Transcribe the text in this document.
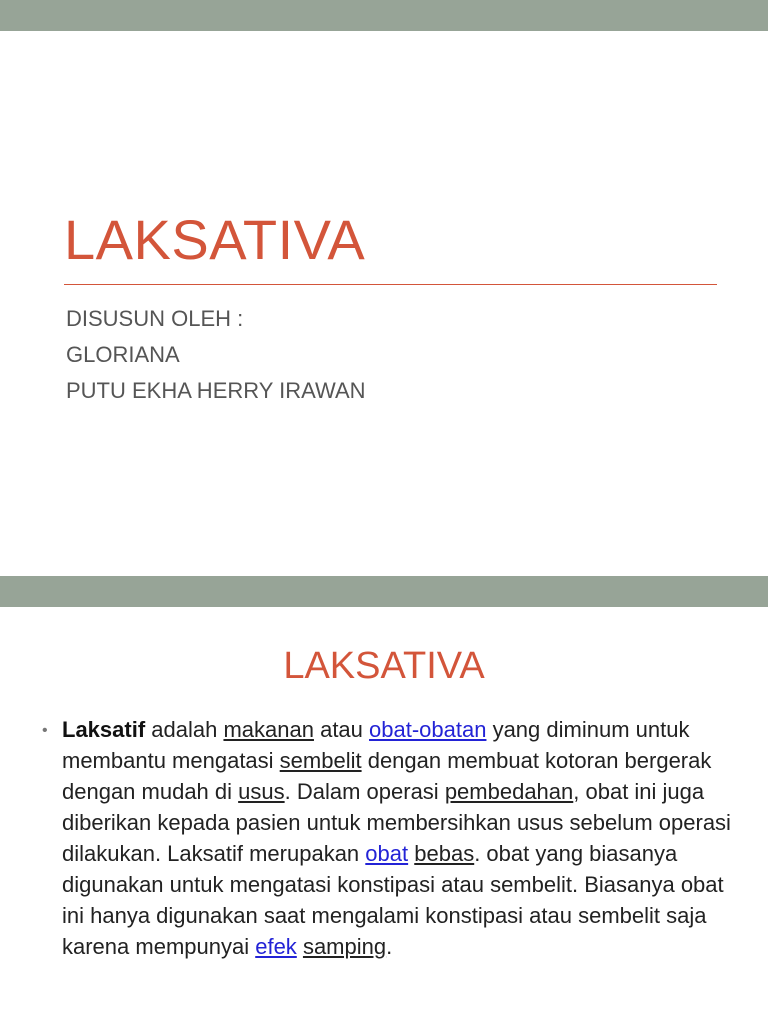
LAKSATIVA
DISUSUN OLEH :
GLORIANA
PUTU EKHA HERRY IRAWAN
LAKSATIVA
• Laksatif adalah makanan atau obat-obatan yang diminum untuk membantu mengatasi sembelit dengan membuat kotoran bergerak dengan mudah di usus. Dalam operasi pembedahan, obat ini juga diberikan kepada pasien untuk membersihkan usus sebelum operasi dilakukan. Laksatif merupakan obat bebas. obat yang biasanya digunakan untuk mengatasi konstipasi atau sembelit. Biasanya obat ini hanya digunakan saat mengalami konstipasi atau sembelit saja karena mempunyai efek samping.
